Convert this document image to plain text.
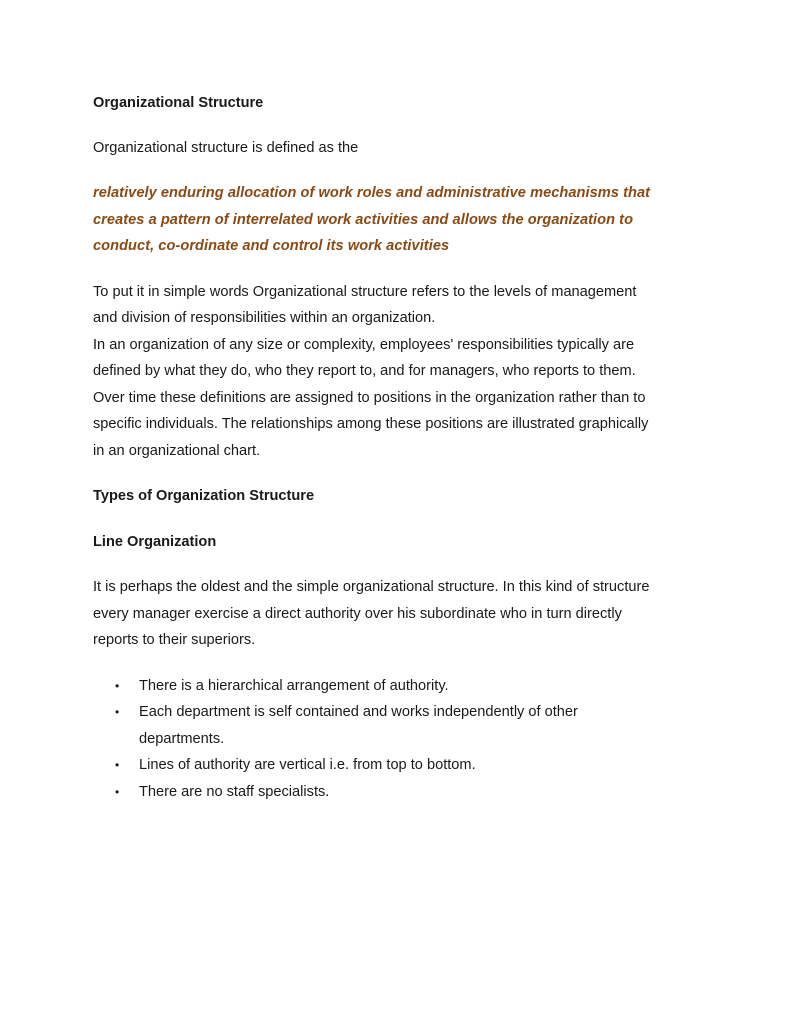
Organizational Structure

Organizational structure is defined as the

relatively enduring allocation of work roles and administrative mechanisms that

creates a pattern of interrelated work activities and allows the organization to

conduct, co-ordinate and control its work activities

To put it in simple words Organizational structure refers to the levels of management

and division of responsibilities within an organization.

In an organization of any size or complexity, employees' responsibilities typically are

defined by what they do, who they report to, and for managers, who reports to them.

Over time these definitions are assigned to positions in the organization rather than to

specific individuals. The relationships among these positions are illustrated graphically

in an organizational chart.

Types of Organization Structure

Line Organization

It is perhaps the oldest and the simple organizational structure. In this kind of structure

every manager exercise a direct authority over his subordinate who in turn directly

reports to their superiors.

• There is a hierarchical arrangement of authority.
• Each department is self contained and works independently of other
departments.
• Lines of authority are vertical i.e. from top to bottom.
• There are no staff specialists.
